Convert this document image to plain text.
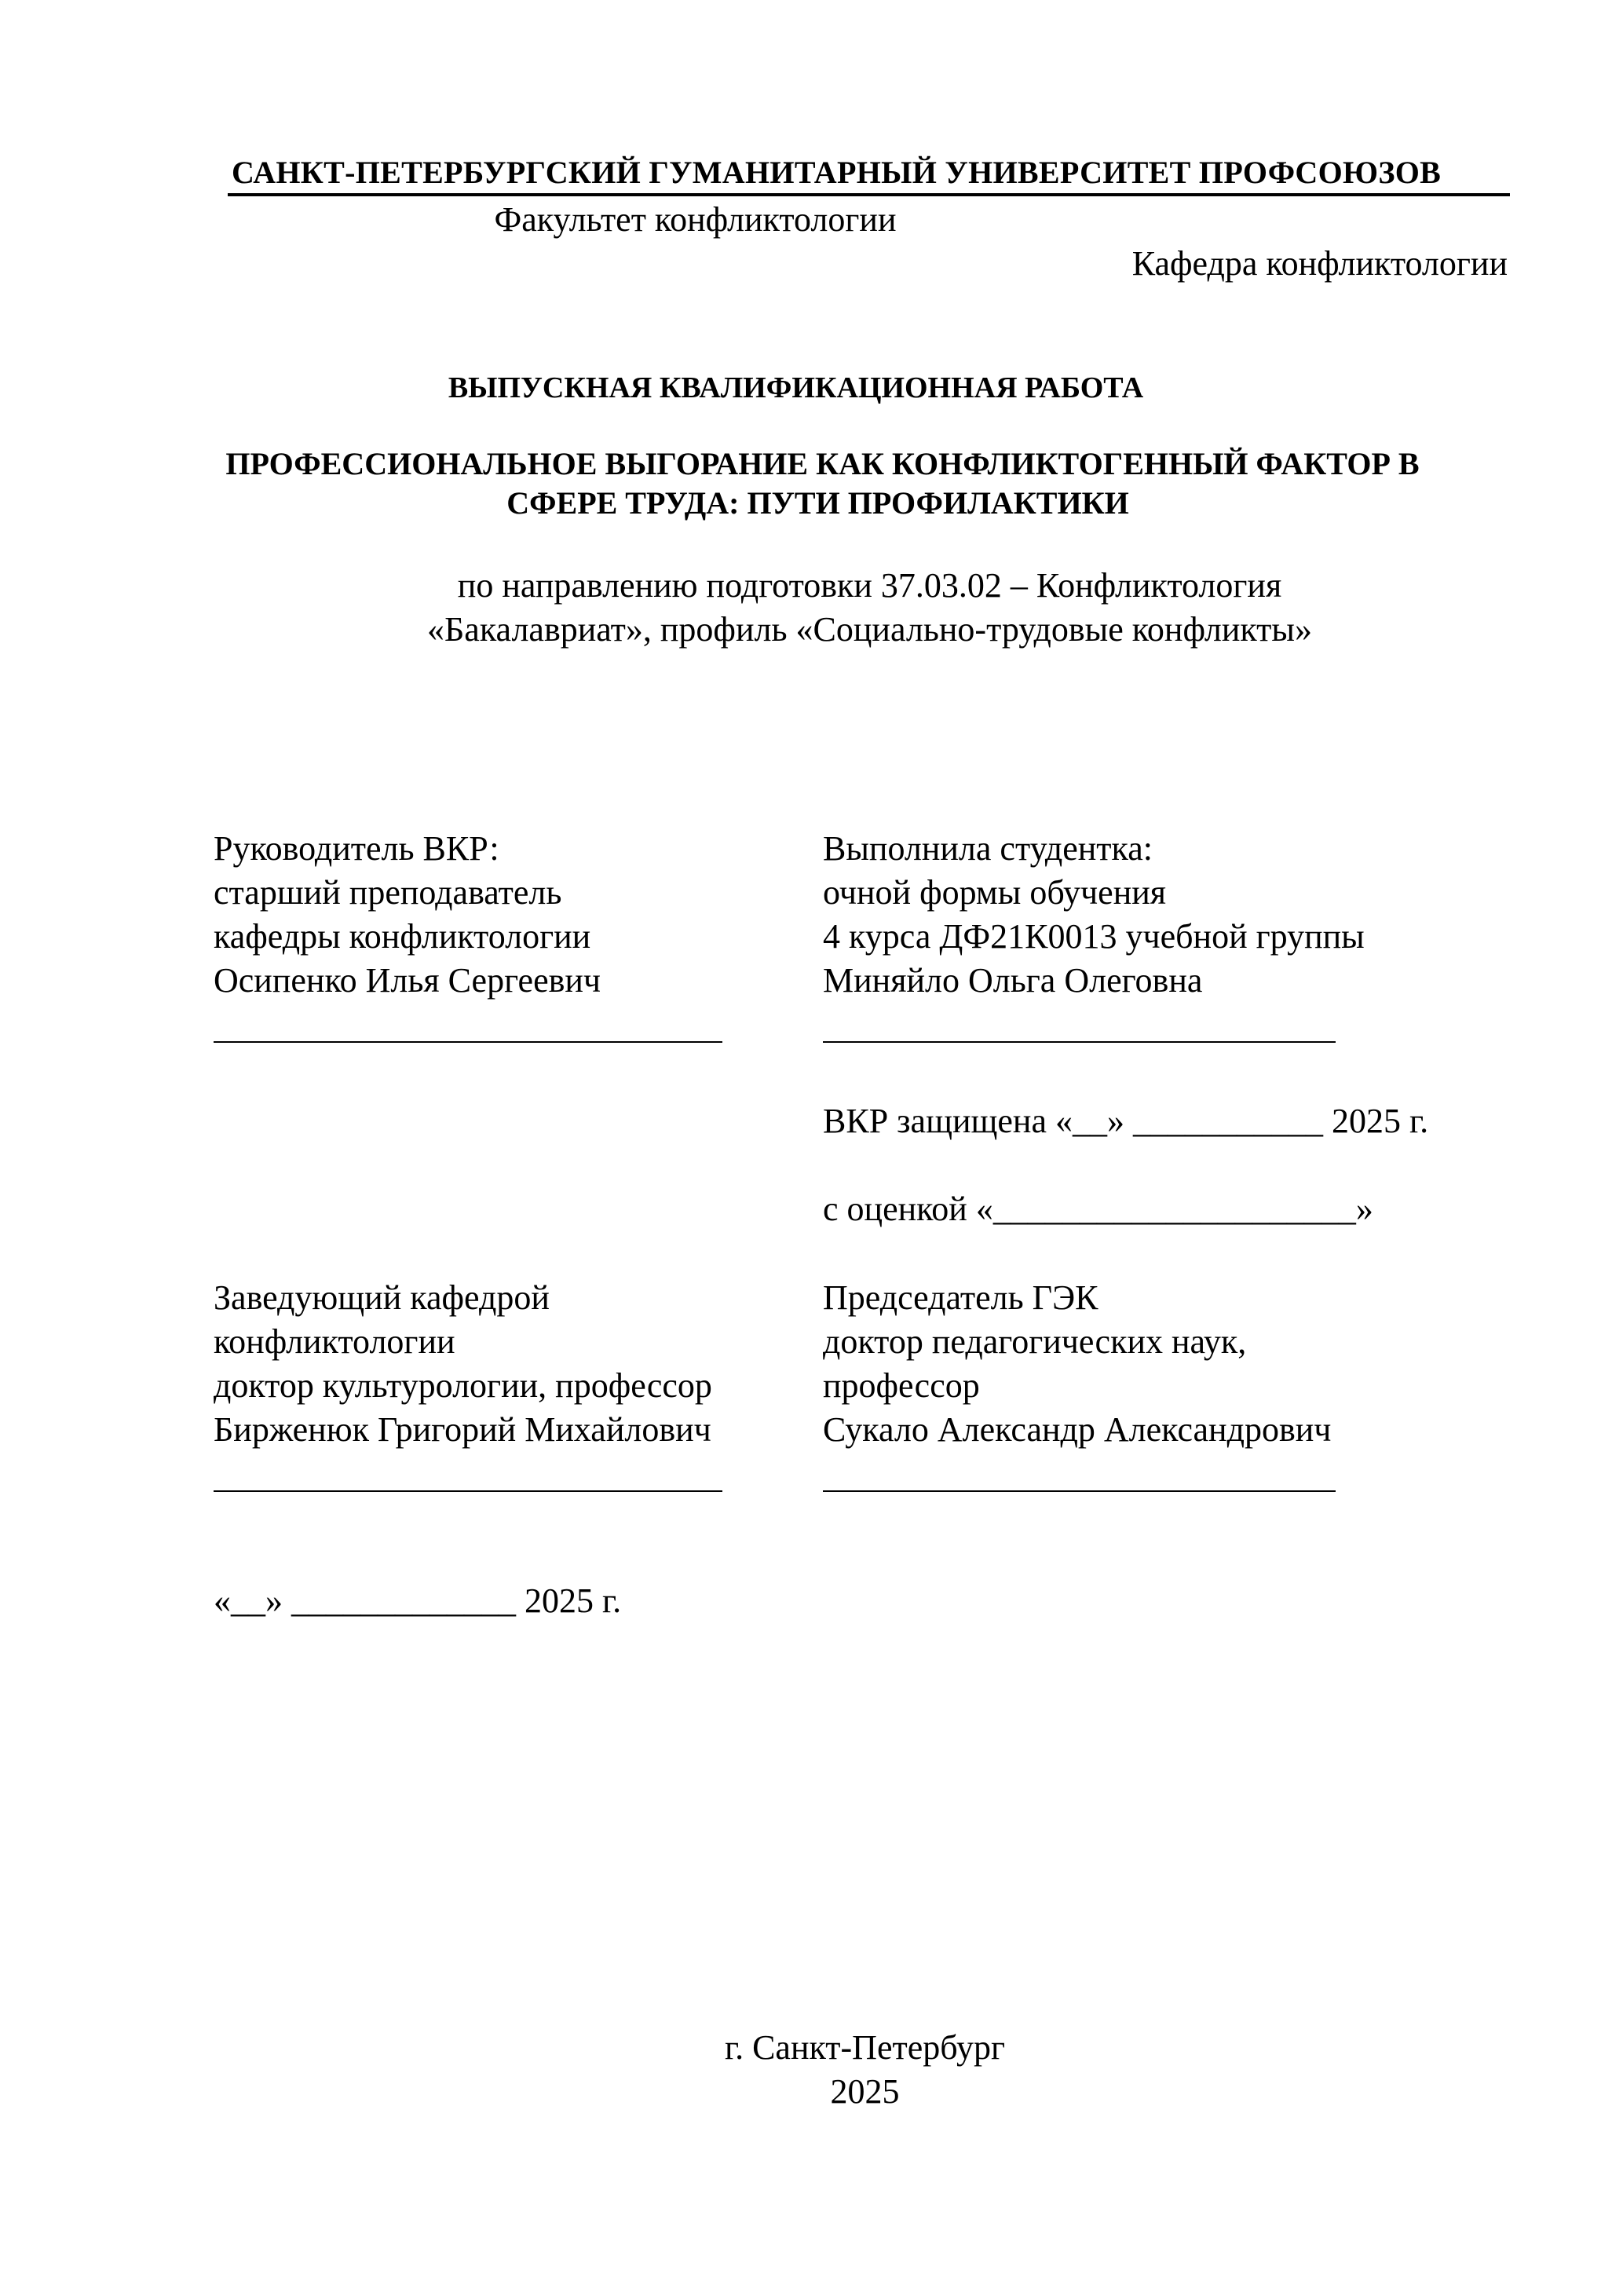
САНКТ-ПЕТЕРБУРГСКИЙ ГУМАНИТАРНЫЙ УНИВЕРСИТЕТ ПРОФСОЮЗОВ
Факультет конфликтологии
Кафедра конфликтологии
ВЫПУСКНАЯ КВАЛИФИКАЦИОННАЯ РАБОТА
ПРОФЕССИОНАЛЬНОЕ ВЫГОРАНИЕ КАК КОНФЛИКТОГЕННЫЙ ФАКТОР В
СФЕРЕ ТРУДА: ПУТИ ПРОФИЛАКТИКИ
по направлению подготовки 37.03.02 – Конфликтология
«Бакалавриат», профиль «Социально-трудовые конфликты»
Руководитель ВКР:
старший преподаватель
кафедры конфликтологии
Осипенко Илья Сергеевич
Выполнила студентка:
очной формы обучения
4 курса ДФ21К0013 учебной группы
Миняйло Ольга Олеговна
ВКР защищена «__» ___________ 2025 г.
с оценкой «_____________________»
Заведующий кафедрой
конфликтологии
доктор культурологии, профессор
Бирженюк Григорий Михайлович
Председатель ГЭК
доктор педагогических наук,
профессор
Сукало Александр Александрович
«__» _____________ 2025 г.
г. Санкт-Петербург
2025
